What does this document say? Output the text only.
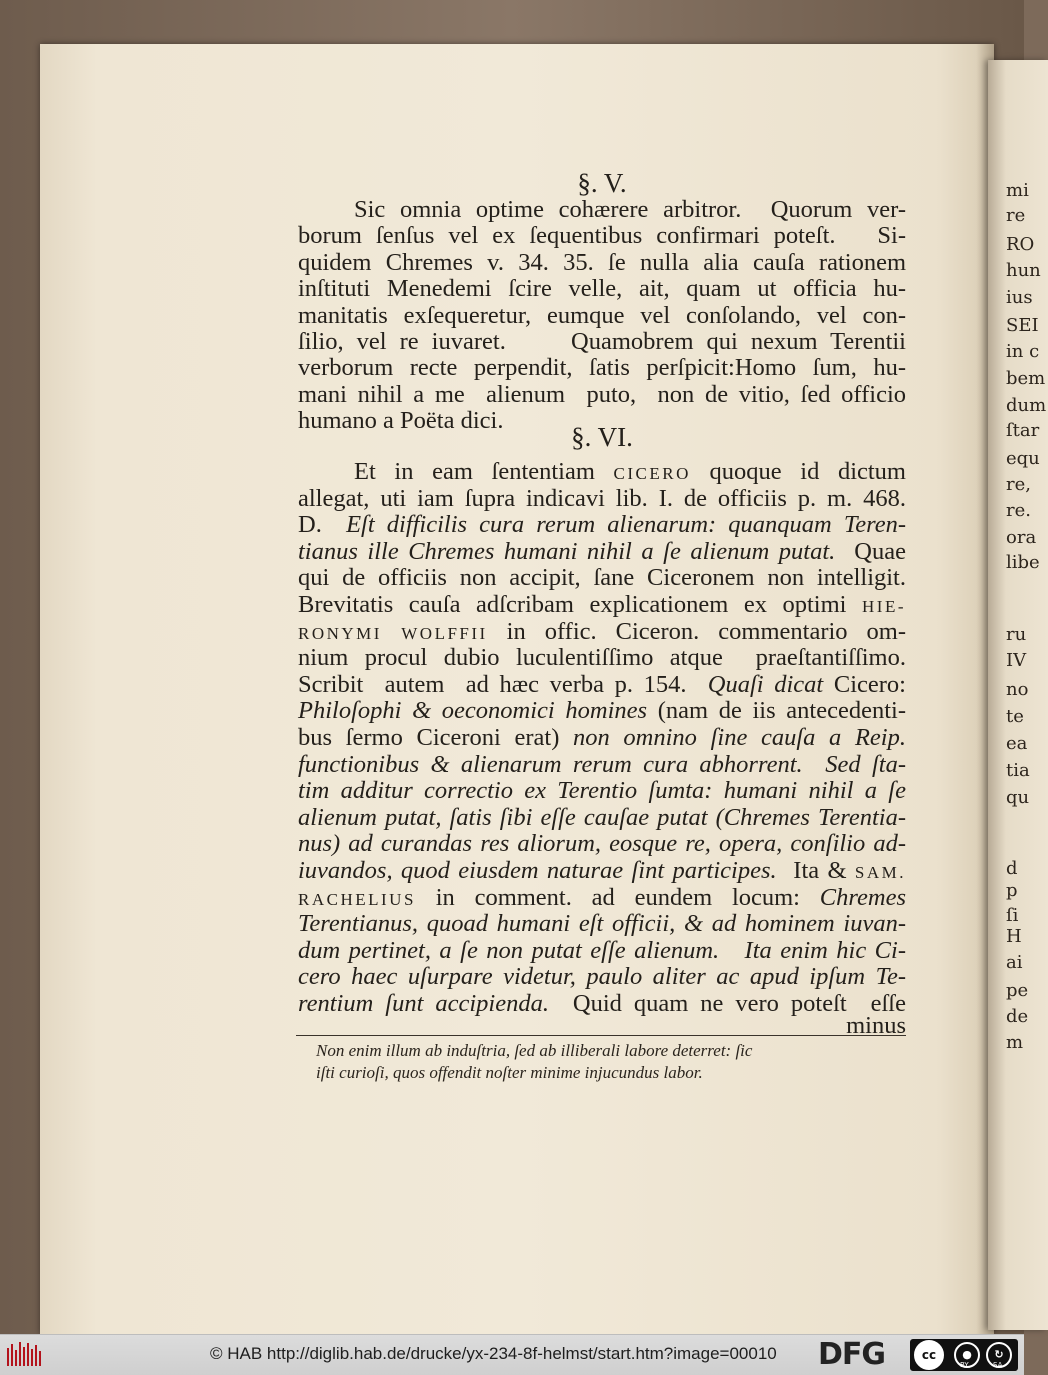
mi
re
RO
hun
ius
SEI
in c
bem
dum
ſtar
equ
re,
re.
ora
libe
ru
IV
no
te
ea
tia
qu
d
p
ſi
H
ai
pe
de
m
§. V.
Sic omnia optime cohærere arbitror.  Quorum ver-
borum ſenſus vel ex ſequentibus confirmari poteſt.   Si-
quidem Chremes v. 34. 35. ſe nulla alia cauſa rationem
inſtituti Menedemi ſcire velle, ait, quam ut officia hu-
manitatis exſequeretur, eumque vel conſolando, vel con-
ſilio, vel re iuvaret.     Quamobrem qui nexum Terentii
verborum recte perpendit, ſatis perſpicit:Homo ſum, hu-
mani nihil a me  alienum  puto,  non de vitio, ſed officio
humano a Poëta dici.
§. VI.
Et in eam ſententiam CICERO quoque id dictum
allegat, uti iam ſupra indicavi lib. I. de officiis p. m. 468.
D.  Eſt difficilis cura rerum alienarum: quanquam Teren-
tianus ille Chremes humani nihil a ſe alienum putat.  Quae
qui de officiis non accipit, ſane Ciceronem non intelligit.
Brevitatis cauſa adſcribam explicationem ex optimi HIE-
RONYMI WOLFFII in offic. Ciceron. commentario om-
nium procul dubio luculentiſſimo atque  praeſtantiſſimo.
Scribit  autem  ad hæc verba p. 154.  Quaſi dicat Cicero:
Philoſophi & oeconomici homines (nam de iis antecedenti-
bus ſermo Ciceroni erat) non omnino ſine cauſa a Reip.
functionibus & alienarum rerum cura abhorrent.  Sed ſta-
tim additur correctio ex Terentio ſumta: humani nihil a ſe
alienum putat, ſatis ſibi eſſe cauſae putat (Chremes Terentia-
nus) ad curandas res aliorum, eosque re, opera, conſilio ad-
iuvandos, quod eiusdem naturae ſint participes.  Ita & SAM.
RACHELIUS in comment. ad eundem locum: Chremes
Terentianus, quoad humani eſt officii, & ad hominem iuvan-
dum pertinet, a ſe non putat eſſe alienum.   Ita enim hic Ci-
cero haec uſurpare videtur, paulo aliter ac apud ipſum Te-
rentium ſunt accipienda.  Quid quam ne vero poteſt  eſſe
minus
Non enim illum ab induſtria, ſed ab illiberali labore deterret: ſic
iſti curioſi, quos offendit noſter minime injucundus labor.
© HAB http://diglib.hab.de/drucke/yx-234-8f-helmst/start.htm?image=00010 DFG	cc	●	↻
BY	SA
